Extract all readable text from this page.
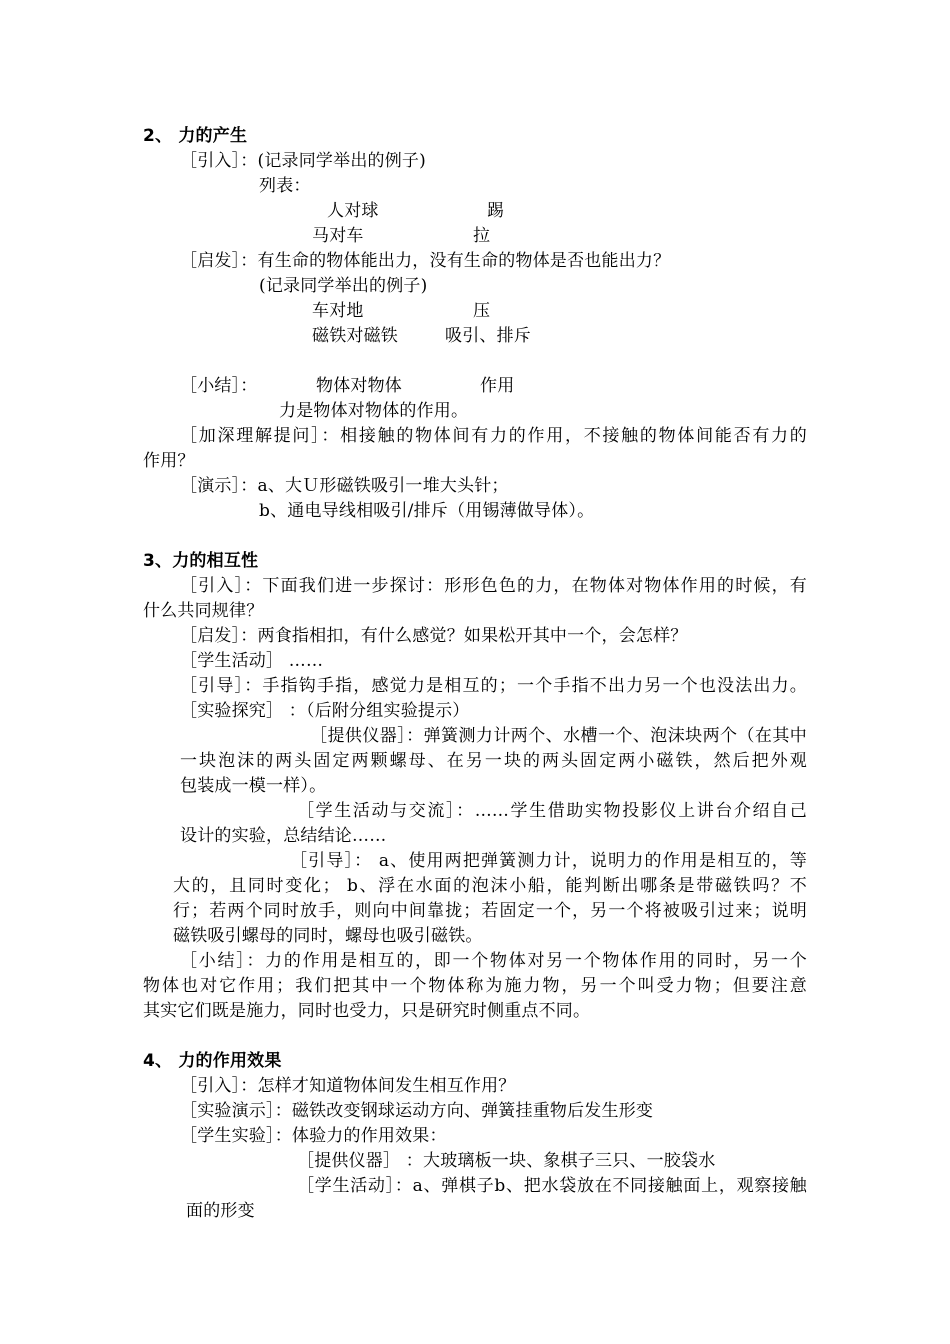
2、 力的产生
［引入］：(记录同学举出的例子)
列表：
人对球	踢
马对车	拉
［启发］：有生命的物体能出力，没有生命的物体是否也能出力？
(记录同学举出的例子)
车对地	压
磁铁对磁铁	吸引、排斥
［小结］：	物体对物体	作用
力是物体对物体的作用。
［加深理解提问］：相接触的物体间有力的作用，不接触的物体间能否有力的
作用？
［演示］：a、大Ｕ形磁铁吸引一堆大头针；
b、通电导线相吸引/排斥（用锡薄做导体）。
3、力的相互性
［引入］：下面我们进一步探讨：形形色色的力，在物体对物体作用的时候，有
什么共同规律？
［启发］：两食指相扣，有什么感觉？如果松开其中一个，会怎样？
［学生活动］ ……
［引导］：手指钩手指，感觉力是相互的；一个手指不出力另一个也没法出力。
［实验探究］ ：（后附分组实验提示）
［提供仪器］：弹簧测力计两个、水槽一个、泡沫块两个（在其中
一块泡沫的两头固定两颗螺母、在另一块的两头固定两小磁铁，然后把外观
包装成一模一样）。
［学生活动与交流］：……学生借助实物投影仪上讲台介绍自己
设计的实验，总结结论……
［引导］： a、使用两把弹簧测力计，说明力的作用是相互的，等
大的，且同时变化； b、浮在水面的泡沫小船，能判断出哪条是带磁铁吗？不
行；若两个同时放手，则向中间靠拢；若固定一个，另一个将被吸引过来；说明
磁铁吸引螺母的同时，螺母也吸引磁铁。
［小结］：力的作用是相互的，即一个物体对另一个物体作用的同时，另一个
物体也对它作用；我们把其中一个物体称为施力物，另一个叫受力物；但要注意
其实它们既是施力，同时也受力，只是研究时侧重点不同。
4、 力的作用效果
［引入］：怎样才知道物体间发生相互作用？
［实验演示］：磁铁改变钢球运动方向、弹簧挂重物后发生形变
［学生实验］：体验力的作用效果：
［提供仪器］ ：大玻璃板一块、象棋子三只、一胶袋水
［学生活动］：a、弹棋子b、把水袋放在不同接触面上，观察接触
面的形变
